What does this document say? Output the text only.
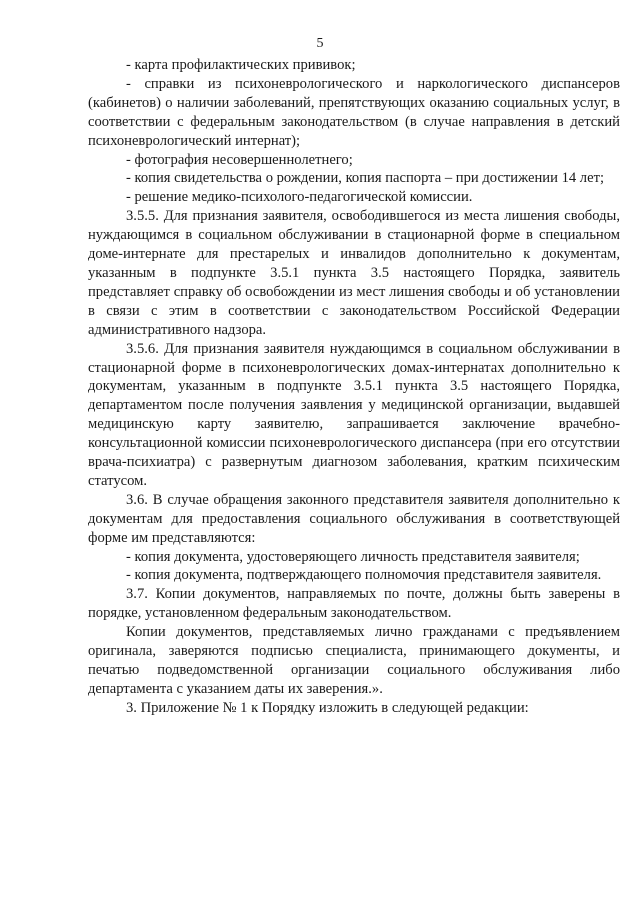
5

- карта профилактических прививок;

- справки из психоневрологического и наркологического диспансеров (кабинетов) о наличии заболеваний, препятствующих оказанию социальных услуг, в соответствии с федеральным законодательством (в случае направления в детский психоневрологический интернат);

- фотография несовершеннолетнего;

- копия свидетельства о рождении, копия паспорта – при достижении 14 лет;

- решение медико-психолого-педагогической комиссии.

3.5.5. Для признания заявителя, освободившегося из места лишения свободы, нуждающимся в социальном обслуживании в стационарной форме в специальном доме-интернате для престарелых и инвалидов дополнительно к документам, указанным в подпункте 3.5.1 пункта 3.5 настоящего Порядка, заявитель представляет справку об освобождении из мест лишения свободы и об установлении в связи с этим в соответствии с законодательством Российской Федерации административного надзора.

3.5.6. Для признания заявителя нуждающимся в социальном обслуживании в стационарной форме в психоневрологических домах-интернатах дополнительно к документам, указанным в подпункте 3.5.1 пункта 3.5 настоящего Порядка, департаментом после получения заявления у медицинской организации, выдавшей медицинскую карту заявителю, запрашивается заключение врачебно-консультационной комиссии психоневрологического диспансера (при его отсутствии врача-психиатра) с развернутым диагнозом заболевания, кратким психическим статусом.

3.6. В случае обращения законного представителя заявителя дополнительно к документам для предоставления социального обслуживания в соответствующей форме им представляются:

- копия документа, удостоверяющего личность представителя заявителя;

- копия документа, подтверждающего полномочия представителя заявителя.

3.7. Копии документов, направляемых по почте, должны быть заверены в порядке, установленном федеральным законодательством.

Копии документов, представляемых лично гражданами с предъявлением оригинала, заверяются подписью специалиста, принимающего документы, и печатью подведомственной организации социального обслуживания либо департамента с указанием даты их заверения.».

3. Приложение № 1 к Порядку изложить в следующей редакции:
